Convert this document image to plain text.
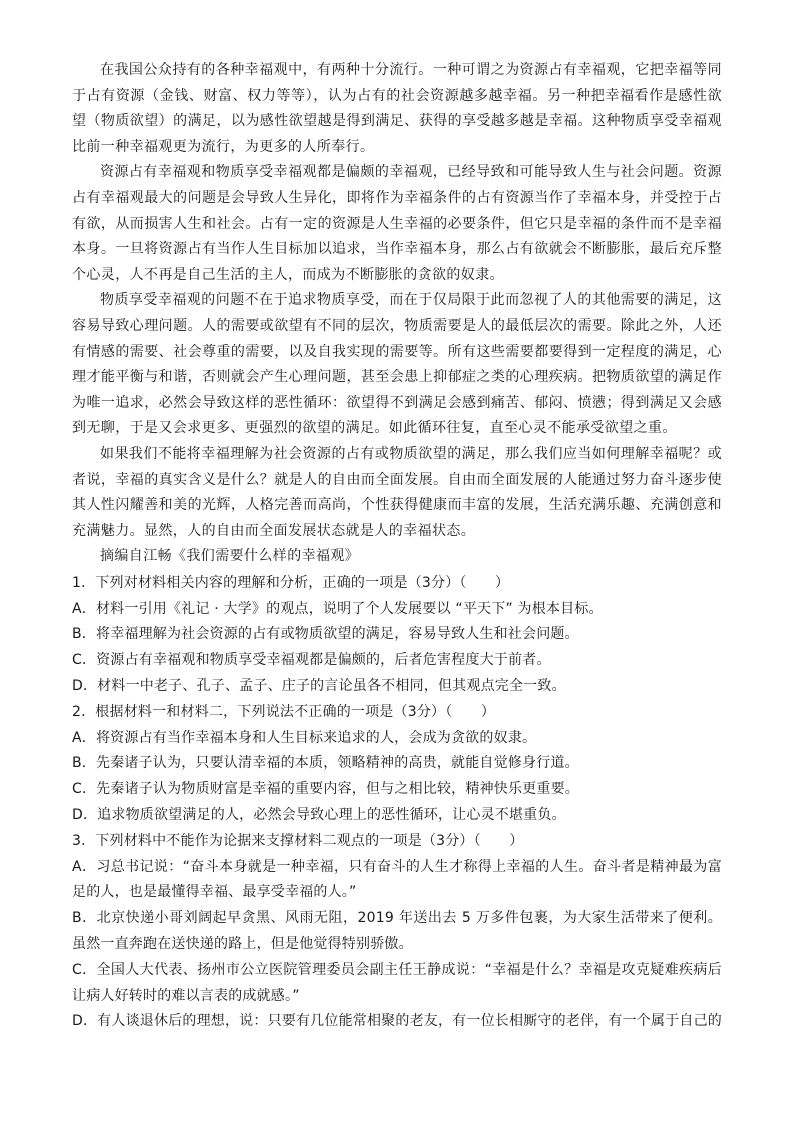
在我国公众持有的各种幸福观中，有两种十分流行。一种可谓之为资源占有幸福观，它把幸福等同于占有资源（金钱、财富、权力等等），认为占有的社会资源越多越幸福。另一种把幸福看作是感性欲望（物质欲望）的满足，以为感性欲望越是得到满足、获得的享受越多越是幸福。这种物质享受幸福观比前一种幸福观更为流行，为更多的人所奉行。

资源占有幸福观和物质享受幸福观都是偏颇的幸福观，已经导致和可能导致人生与社会问题。资源占有幸福观最大的问题是会导致人生异化，即将作为幸福条件的占有资源当作了幸福本身，并受控于占有欲，从而损害人生和社会。占有一定的资源是人生幸福的必要条件，但它只是幸福的条件而不是幸福本身。一旦将资源占有当作人生目标加以追求，当作幸福本身，那么占有欲就会不断膨胀，最后充斥整个心灵，人不再是自己生活的主人，而成为不断膨胀的贪欲的奴隶。

物质享受幸福观的问题不在于追求物质享受，而在于仅局限于此而忽视了人的其他需要的满足，这容易导致心理问题。人的需要或欲望有不同的层次，物质需要是人的最低层次的需要。除此之外，人还有情感的需要、社会尊重的需要，以及自我实现的需要等。所有这些需要都要得到一定程度的满足，心理才能平衡与和谐，否则就会产生心理问题，甚至会患上抑郁症之类的心理疾病。把物质欲望的满足作为唯一追求，必然会导致这样的恶性循环：欲望得不到满足会感到痛苦、郁闷、愤懑；得到满足又会感到无聊，于是又会求更多、更强烈的欲望的满足。如此循环往复，直至心灵不能承受欲望之重。

如果我们不能将幸福理解为社会资源的占有或物质欲望的满足，那么我们应当如何理解幸福呢？或者说，幸福的真实含义是什么？就是人的自由而全面发展。自由而全面发展的人能通过努力奋斗逐步使其人性闪耀善和美的光辉，人格完善而高尚，个性获得健康而丰富的发展，生活充满乐趣、充满创意和充满魅力。显然，人的自由而全面发展状态就是人的幸福状态。

摘编自江畅《我们需要什么样的幸福观》

1．下列对材料相关内容的理解和分析，正确的一项是（3分）（　　）

A．材料一引用《礼记 · 大学》的观点，说明了个人发展要以 “平天下” 为根本目标。

B．将幸福理解为社会资源的占有或物质欲望的满足，容易导致人生和社会问题。

C．资源占有幸福观和物质享受幸福观都是偏颇的，后者危害程度大于前者。

D．材料一中老子、孔子、孟子、庄子的言论虽各不相同，但其观点完全一致。

2．根据材料一和材料二，下列说法不正确的一项是（3分）（　　）

A．将资源占有当作幸福本身和人生目标来追求的人，会成为贪欲的奴隶。

B．先秦诸子认为，只要认清幸福的本质，领略精神的高贵，就能自觉修身行道。

C．先秦诸子认为物质财富是幸福的重要内容，但与之相比较，精神快乐更重要。

D．追求物质欲望满足的人，必然会导致心理上的恶性循环，让心灵不堪重负。

3．下列材料中不能作为论据来支撑材料二观点的一项是（3分）（　　）

A．习总书记说：“奋斗本身就是一种幸福，只有奋斗的人生才称得上幸福的人生。奋斗者是精神最为富足的人，也是最懂得幸福、最享受幸福的人。”

B．北京快递小哥刘阔起早贪黑、风雨无阻，2019 年送出去 5 万多件包裹，为大家生活带来了便利。虽然一直奔跑在送快递的路上，但是他觉得特别骄傲。

C．全国人大代表、扬州市公立医院管理委员会副主任王静成说：“幸福是什么？幸福是攻克疑难疾病后让病人好转时的难以言表的成就感。”

D．有人谈退休后的理想，说：只要有几位能常相聚的老友，有一位长相厮守的老伴，有一个属于自己的
